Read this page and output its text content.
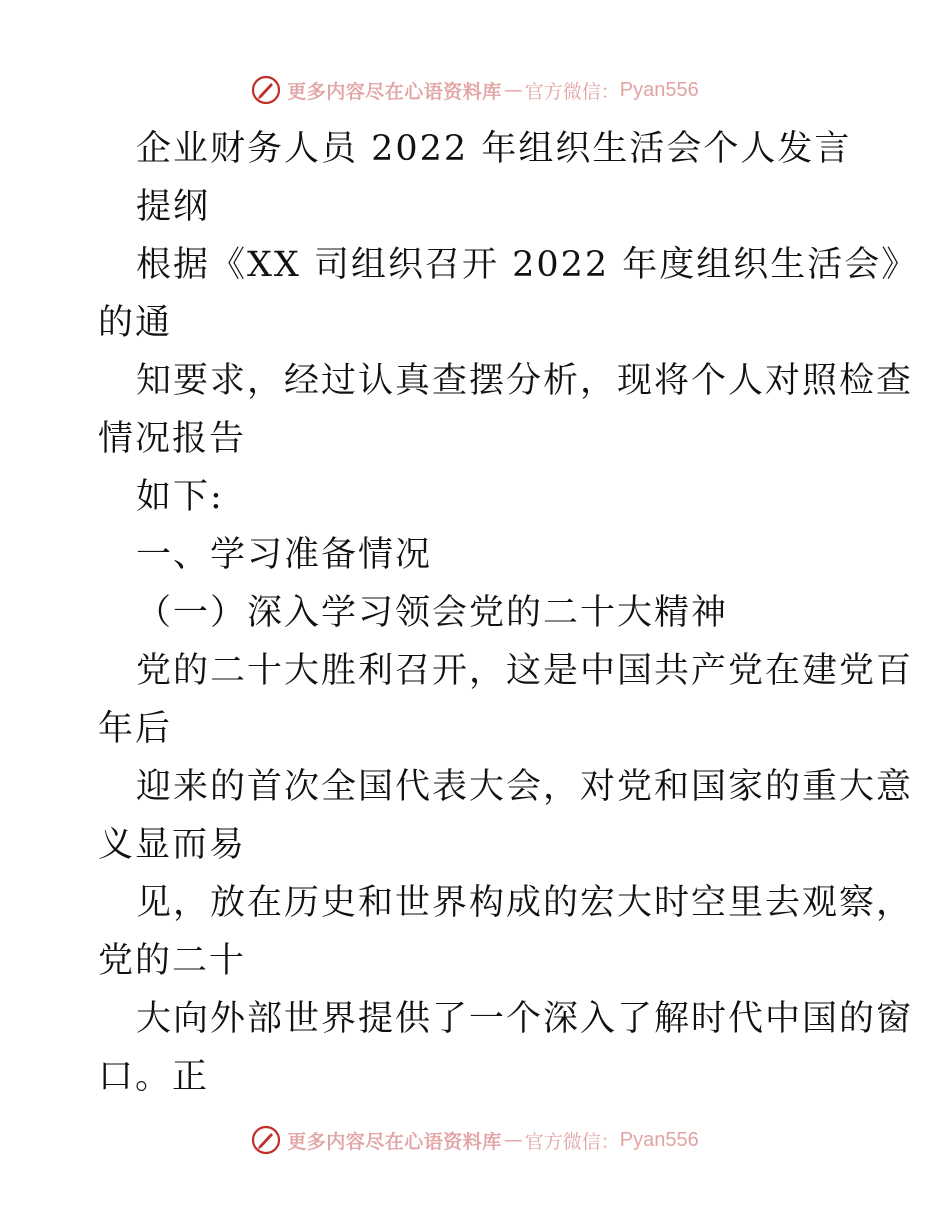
更多内容尽在心语资料库 — 官方微信： Pyan556
企业财务人员 2022 年组织生活会个人发言
提纲
根据《XX 司组织召开 2022 年度组织生活会》
的通
知要求，经过认真查摆分析，现将个人对照检查
情况报告
如下:
一、学习准备情况
（一）深入学习领会党的二十大精神
党的二十大胜利召开，这是中国共产党在建党百
年后
迎来的首次全国代表大会，对党和国家的重大意
义显而易
见，放在历史和世界构成的宏大时空里去观察，
党的二十
大向外部世界提供了一个深入了解时代中国的窗
口。正
更多内容尽在心语资料库 — 官方微信： Pyan556
